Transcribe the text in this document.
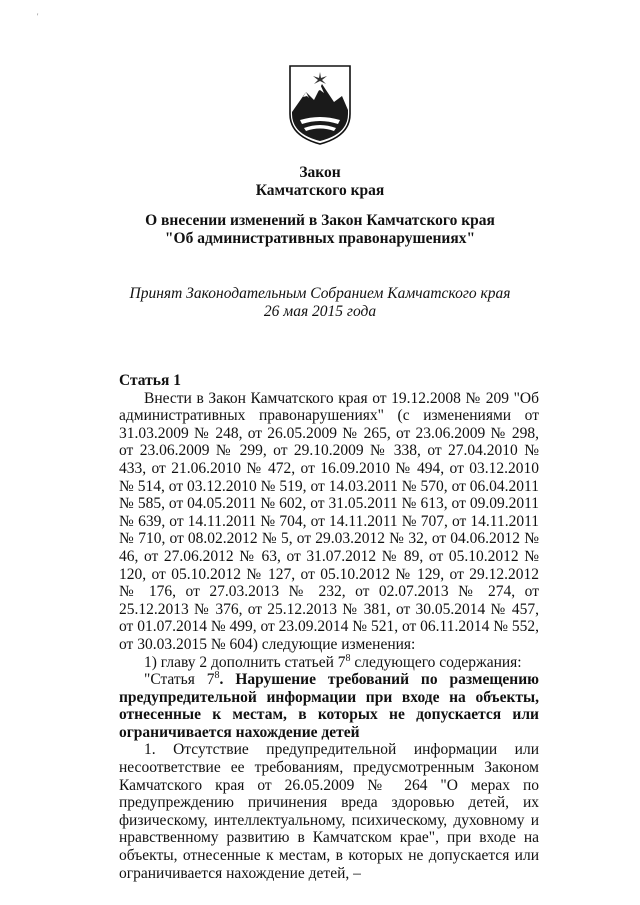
'
Закон
Камчатского края
О внесении изменений в Закон Камчатского края
"Об административных правонарушениях"
Принят Законодательным Собранием Камчатского края
26 мая 2015 года
Статья 1

Внести в Закон Камчатского края от 19.12.2008 № 209 "Об административных правонарушениях" (с изменениями от 31.03.2009 № 248, от 26.05.2009 № 265, от 23.06.2009 № 298, от 23.06.2009 № 299, от 29.10.2009 № 338, от 27.04.2010 № 433, от 21.06.2010 № 472, от 16.09.2010 № 494, от 03.12.2010 № 514, от 03.12.2010 № 519, от 14.03.2011 № 570, от 06.04.2011 № 585, от 04.05.2011 № 602, от 31.05.2011 № 613, от 09.09.2011 № 639, от 14.11.2011 № 704, от 14.11.2011 № 707, от 14.11.2011 № 710, от 08.02.2012 № 5, от 29.03.2012 № 32, от 04.06.2012 № 46, от 27.06.2012 № 63, от 31.07.2012 № 89, от 05.10.2012 № 120, от 05.10.2012 № 127, от 05.10.2012 № 129, от 29.12.2012 № 176, от 27.03.2013 № 232, от 02.07.2013 № 274, от 25.12.2013 № 376, от 25.12.2013 № 381, от 30.05.2014 № 457, от 01.07.2014 № 499, от 23.09.2014 № 521, от 06.11.2014 № 552, от 30.03.2015 № 604) следующие изменения:

1) главу 2 дополнить статьей $7^8$ следующего содержания:

"Статья $7^8$. Нарушение требований по размещению предупредительной информации при входе на объекты, отнесенные к местам, в которых не допускается или ограничивается нахождение детей

1. Отсутствие предупредительной информации или несоответствие ее требованиям, предусмотренным Законом Камчатского края от 26.05.2009 № 264 "О мерах по предупреждению причинения вреда здоровью детей, их физическому, интеллектуальному, психическому, духовному и нравственному развитию в Камчатском крае", при входе на объекты, отнесенные к местам, в которых не допускается или ограничивается нахождение детей, –
